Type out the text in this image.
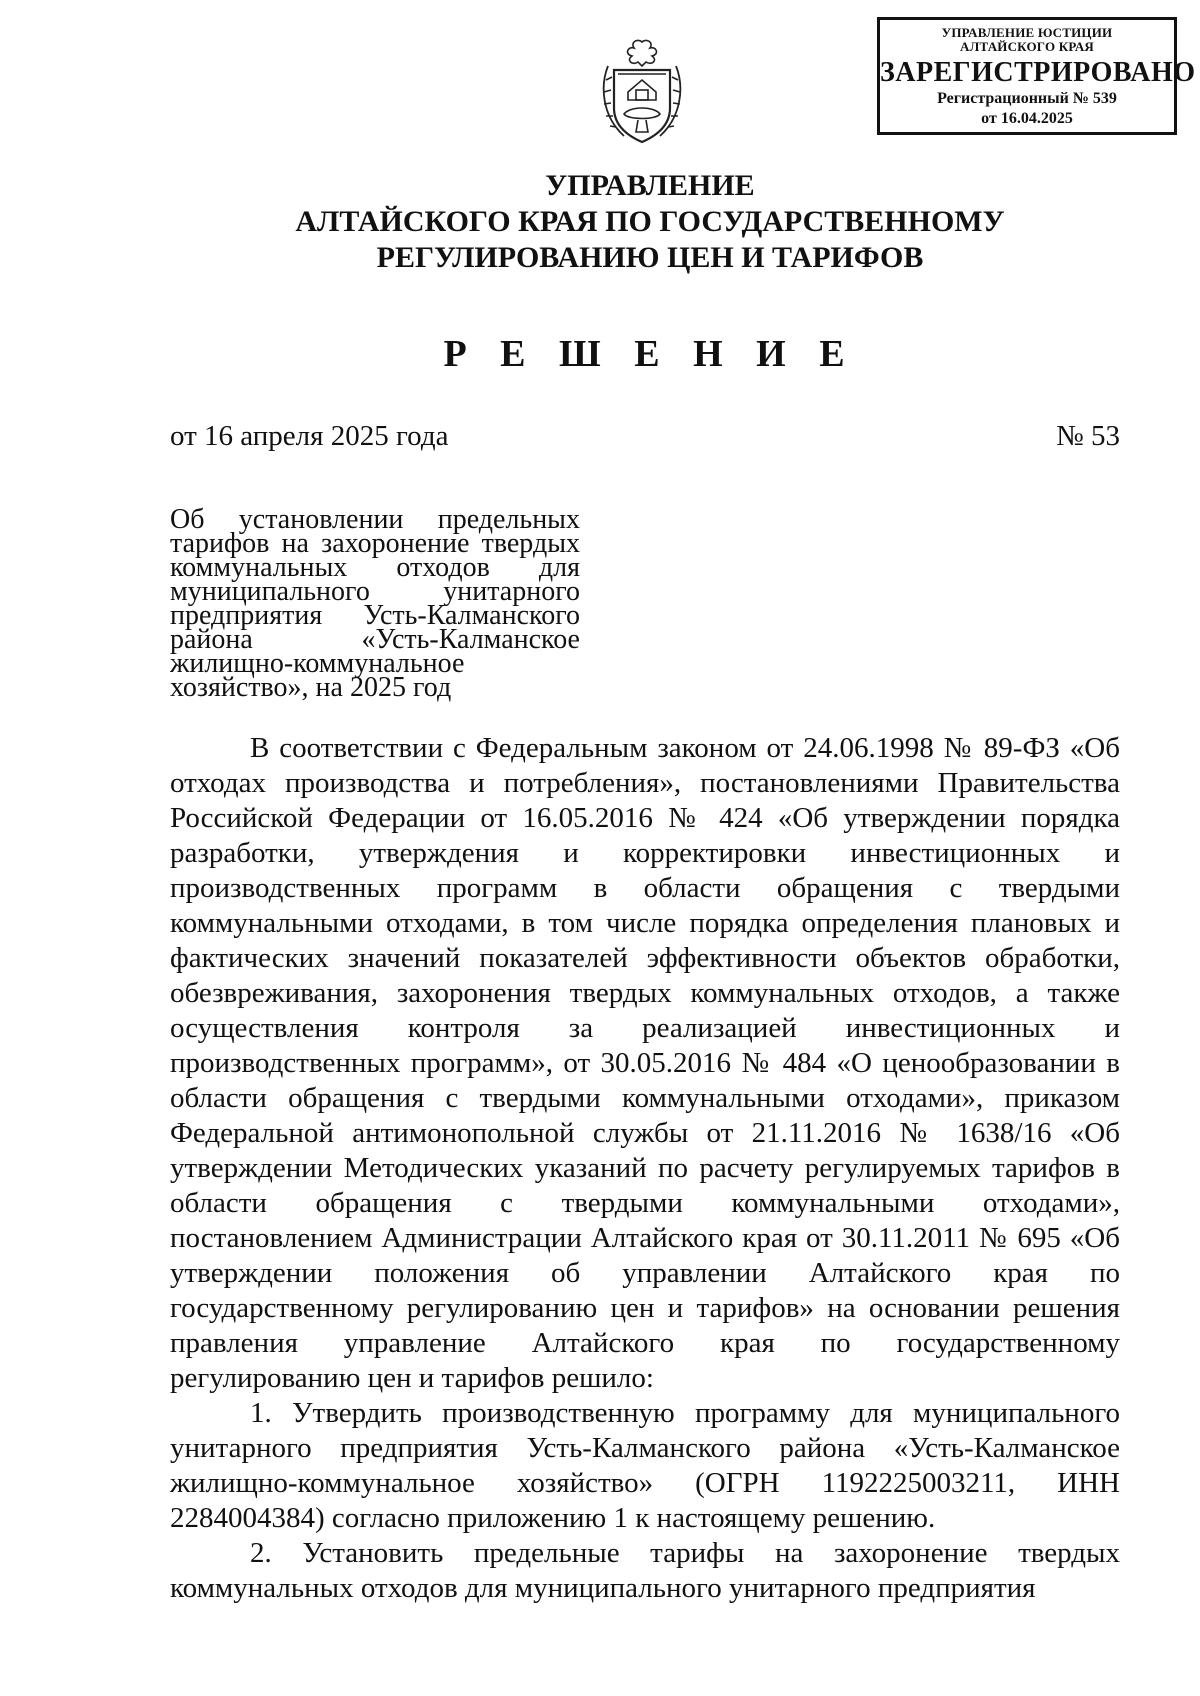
УПРАВЛЕНИЕ ЮСТИЦИИ
АЛТАЙСКОГО КРАЯ
ЗАРЕГИСТРИРОВАНО
Регистрационный № 539
от 16.04.2025
УПРАВЛЕНИЕ
АЛТАЙСКОГО КРАЯ ПО ГОСУДАРСТВЕННОМУ
РЕГУЛИРОВАНИЮ ЦЕН И ТАРИФОВ
Р Е Ш Е Н И Е
от 16 апреля 2025 года	№ 53
Об установлении предельных тарифов на захоронение твердых коммунальных отходов для муниципального унитарного предприятия Усть-Калманского района «Усть-Калманское жилищно-коммунальное хозяйство», на 2025 год

В соответствии с Федеральным законом от 24.06.1998 № 89-ФЗ «Об отходах производства и потребления», постановлениями Правительства Российской Федерации от 16.05.2016 № 424 «Об утверждении порядка разработки, утверждения и корректировки инвестиционных и производственных программ в области обращения с твердыми коммунальными отходами, в том числе порядка определения плановых и фактических значений показателей эффективности объектов обработки, обезвреживания, захоронения твердых коммунальных отходов, а также осуществления контроля за реализацией инвестиционных и производственных программ», от 30.05.2016 № 484 «О ценообразовании в области обращения с твердыми коммунальными отходами», приказом Федеральной антимонопольной службы от 21.11.2016 № 1638/16 «Об утверждении Методических указаний по расчету регулируемых тарифов в области обращения с твердыми коммунальными отходами», постановлением Администрации Алтайского края от 30.11.2011 № 695 «Об утверждении положения об управлении Алтайского края по государственному регулированию цен и тарифов» на основании решения правления управление Алтайского края по государственному регулированию цен и тарифов решило:

1. Утвердить производственную программу для муниципального унитарного предприятия Усть-Калманского района «Усть-Калманское жилищно-коммунальное хозяйство» (ОГРН 1192225003211, ИНН 2284004384) согласно приложению 1 к настоящему решению.

2. Установить предельные тарифы на захоронение твердых коммунальных отходов для муниципального унитарного предприятия
